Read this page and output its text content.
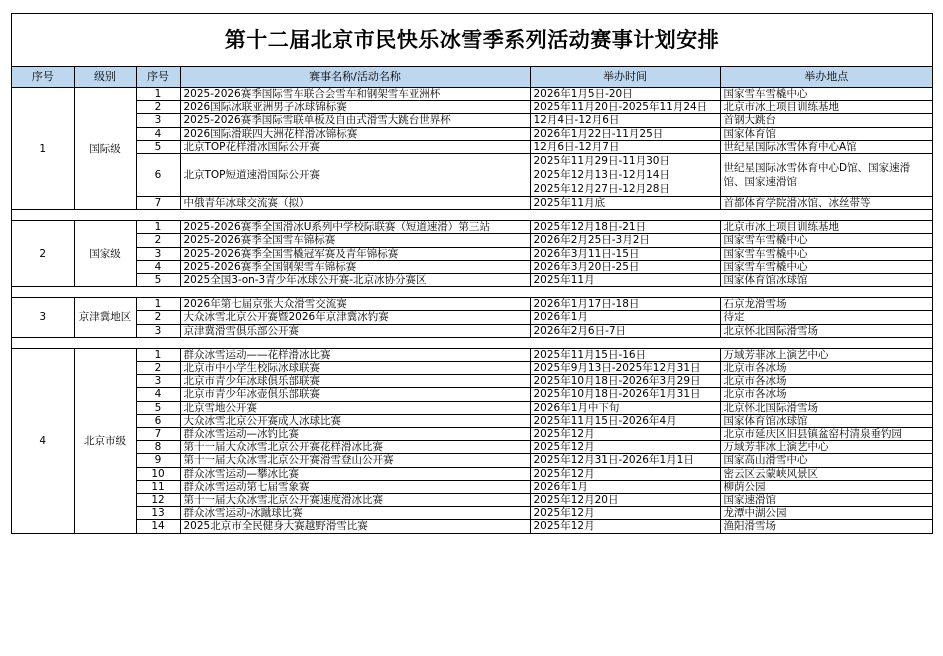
第十二届北京市民快乐冰雪季系列活动赛事计划安排
序号	级别	序号	赛事名称/活动名称	举办时间	举办地点
1	国际级	1	2025-2026赛季国际雪车联合会雪车和钢架雪车亚洲杯	2026年1月5日-20日	国家雪车雪橇中心
		2	2026国际冰联亚洲男子冰球锦标赛	2025年11月20日-2025年11月24日	北京市冰上项目训练基地
		3	2025-2026赛季国际雪联单板及自由式滑雪大跳台世界杯	12月4日-12月6日	首钢大跳台
		4	2026国际滑联四大洲花样滑冰锦标赛	2026年1月22日-11月25日	国家体育馆
		5	北京TOP花样滑冰国际公开赛	12月6日-12月7日	世纪星国际冰雪体育中心A馆
		6	北京TOP短道速滑国际公开赛	2025年11月29日-11月30日
2025年12月13日-12月14日
2025年12月27日-12月28日	世纪星国际冰雪体育中心D馆、国家速滑馆、国家速滑馆
		7	中俄青年冰球交流赛（拟）	2025年11月底	首都体育学院滑冰馆、冰丝带等

2	国家级	1	2025-2026赛季全国滑冰U系列中学校际联赛（短道速滑）第三站	2025年12月18日-21日	北京市冰上项目训练基地
		2	2025-2026赛季全国雪车锦标赛	2026年2月25日-3月2日	国家雪车雪橇中心
		3	2025-2026赛季全国雪橇冠军赛及青年锦标赛	2026年3月11日-15日	国家雪车雪橇中心
		4	2025-2026赛季全国钢架雪车锦标赛	2026年3月20日-25日	国家雪车雪橇中心
		5	2025全国3-on-3青少年冰球公开赛-北京冰协分赛区	2025年11月	国家体育馆冰球馆

3	京津冀地区	1	2026年第七届京张大众滑雪交流赛	2026年1月17日-18日	石京龙滑雪场
		2	大众冰雪北京公开赛暨2026年京津冀冰钓赛	2026年1月	待定
		3	京津冀滑雪俱乐部公开赛	2026年2月6日-7日	北京怀北国际滑雪场

4	北京市级	1	群众冰雪运动——花样滑冰比赛	2025年11月15日-16日	万域芳菲冰上演艺中心
		2	北京市中小学生校际冰球联赛	2025年9月13日-2025年12月31日	北京市各冰场
		3	北京市青少年冰球俱乐部联赛	2025年10月18日-2026年3月29日	北京市各冰场
		4	北京市青少年冰壶俱乐部联赛	2025年10月18日-2026年1月31日	北京市各冰场
		5	北京雪地公开赛	2026年1月中下旬	北京怀北国际滑雪场
		6	大众冰雪北京公开赛成人冰球比赛	2025年11月15日-2026年4月	国家体育馆冰球馆
		7	群众冰雪运动—冰钓比赛	2025年12月	北京市延庆区旧县镇盆窑村清泉垂钓园
		8	第十一届大众冰雪北京公开赛花样滑冰比赛	2025年12月	万域芳菲冰上演艺中心
		9	第十一届大众冰雪北京公开赛滑雪登山公开赛	2025年12月31日-2026年1月1日	国家高山滑雪中心
		10	群众冰雪运动—攀冰比赛	2025年12月	密云区云蒙峡风景区
		11	群众冰雪运动第七届雪象赛	2026年1月	柳荫公园
		12	第十一届大众冰雪北京公开赛速度滑冰比赛	2025年12月20日	国家速滑馆
		13	群众冰雪运动-冰蹴球比赛	2025年12月	龙潭中湖公园
		14	2025北京市全民健身大赛越野滑雪比赛	2025年12月	渔阳滑雪场
